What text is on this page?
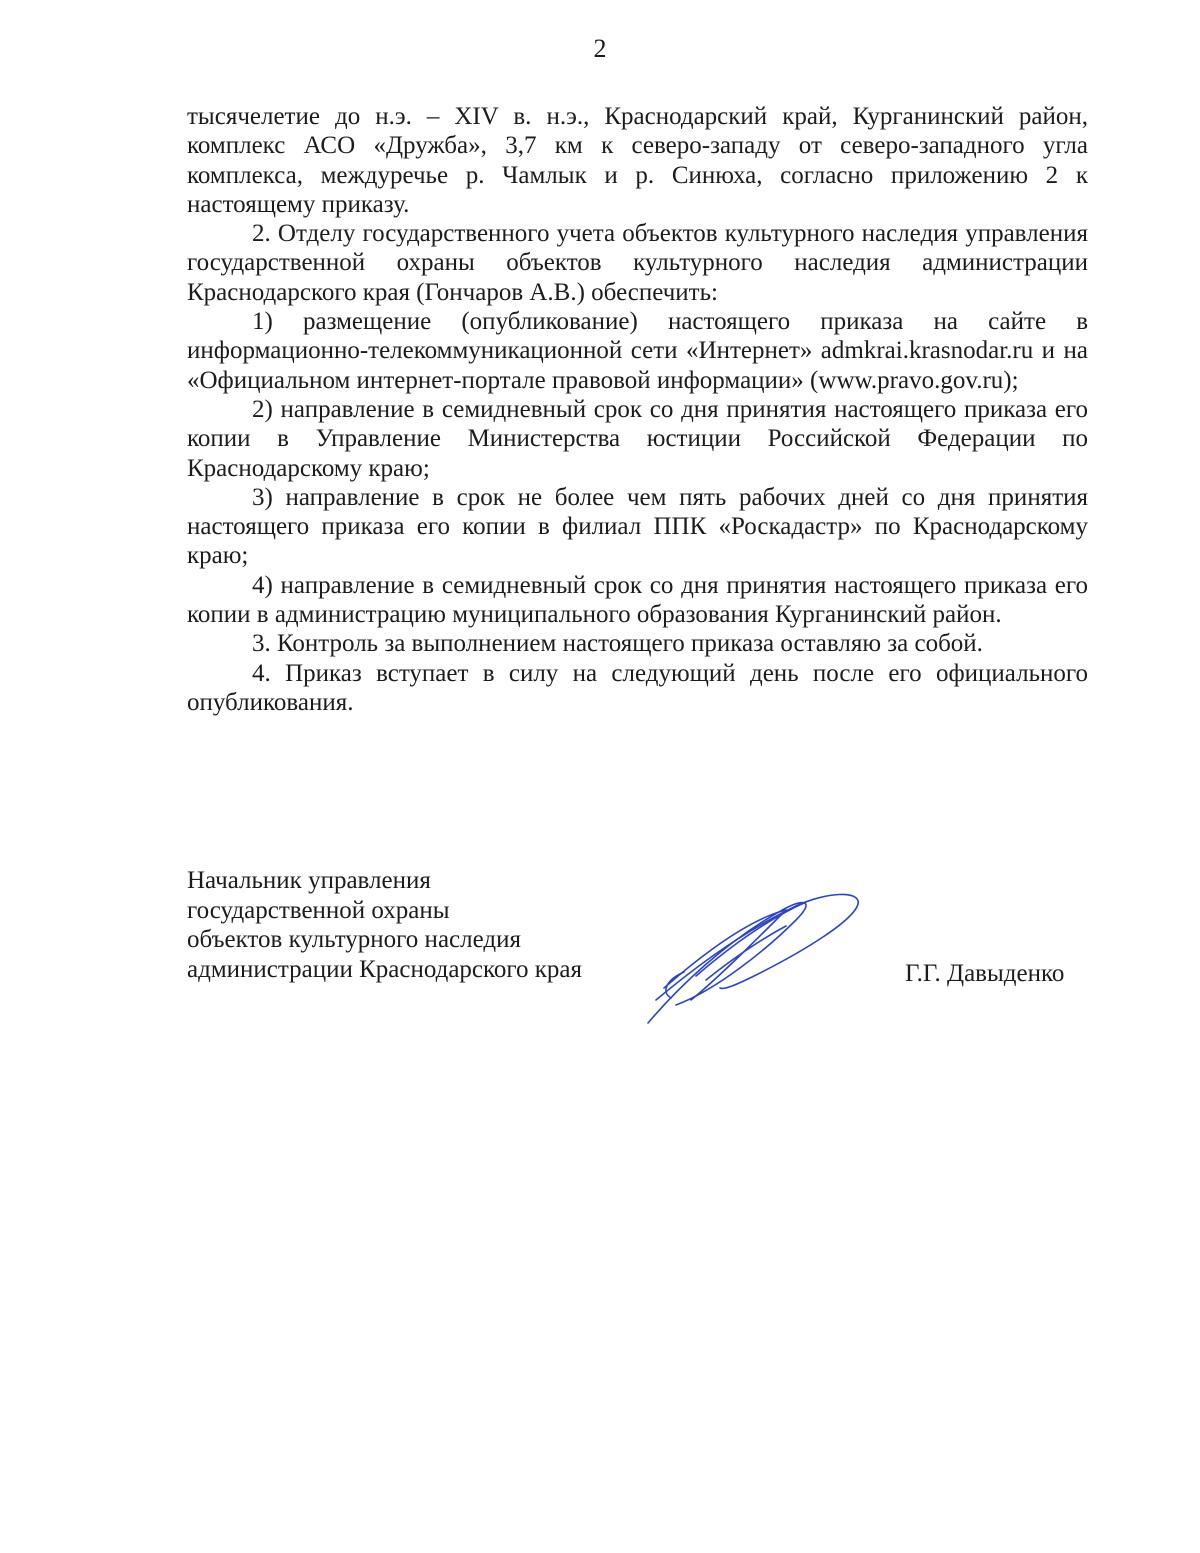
2

тысячелетие до н.э. – XIV в. н.э., Краснодарский край, Курганинский район, комплекс АСО «Дружба», 3,7 км к северо-западу от северо-западного угла комплекса, междуречье р. Чамлык и р. Синюха, согласно приложению 2 к настоящему приказу.

2. Отделу государственного учета объектов культурного наследия управления государственной охраны объектов культурного наследия администрации Краснодарского края (Гончаров А.В.) обеспечить:

1) размещение (опубликование) настоящего приказа на сайте в информационно-телекоммуникационной сети «Интернет» admkrai.krasnodar.ru и на «Официальном интернет-портале правовой информации» (www.pravo.gov.ru);

2) направление в семидневный срок со дня принятия настоящего приказа его копии в Управление Министерства юстиции Российской Федерации по Краснодарскому краю;

3) направление в срок не более чем пять рабочих дней со дня принятия настоящего приказа его копии в филиал ППК «Роскадастр» по Краснодарскому краю;

4) направление в семидневный срок со дня принятия настоящего приказа его копии в администрацию муниципального образования Курганинский район.

3. Контроль за выполнением настоящего приказа оставляю за собой.

4. Приказ вступает в силу на следующий день после его официального опубликования.

Начальник управления
государственной охраны
объектов культурного наследия
администрации Краснодарского края	Г.Г. Давыденко
